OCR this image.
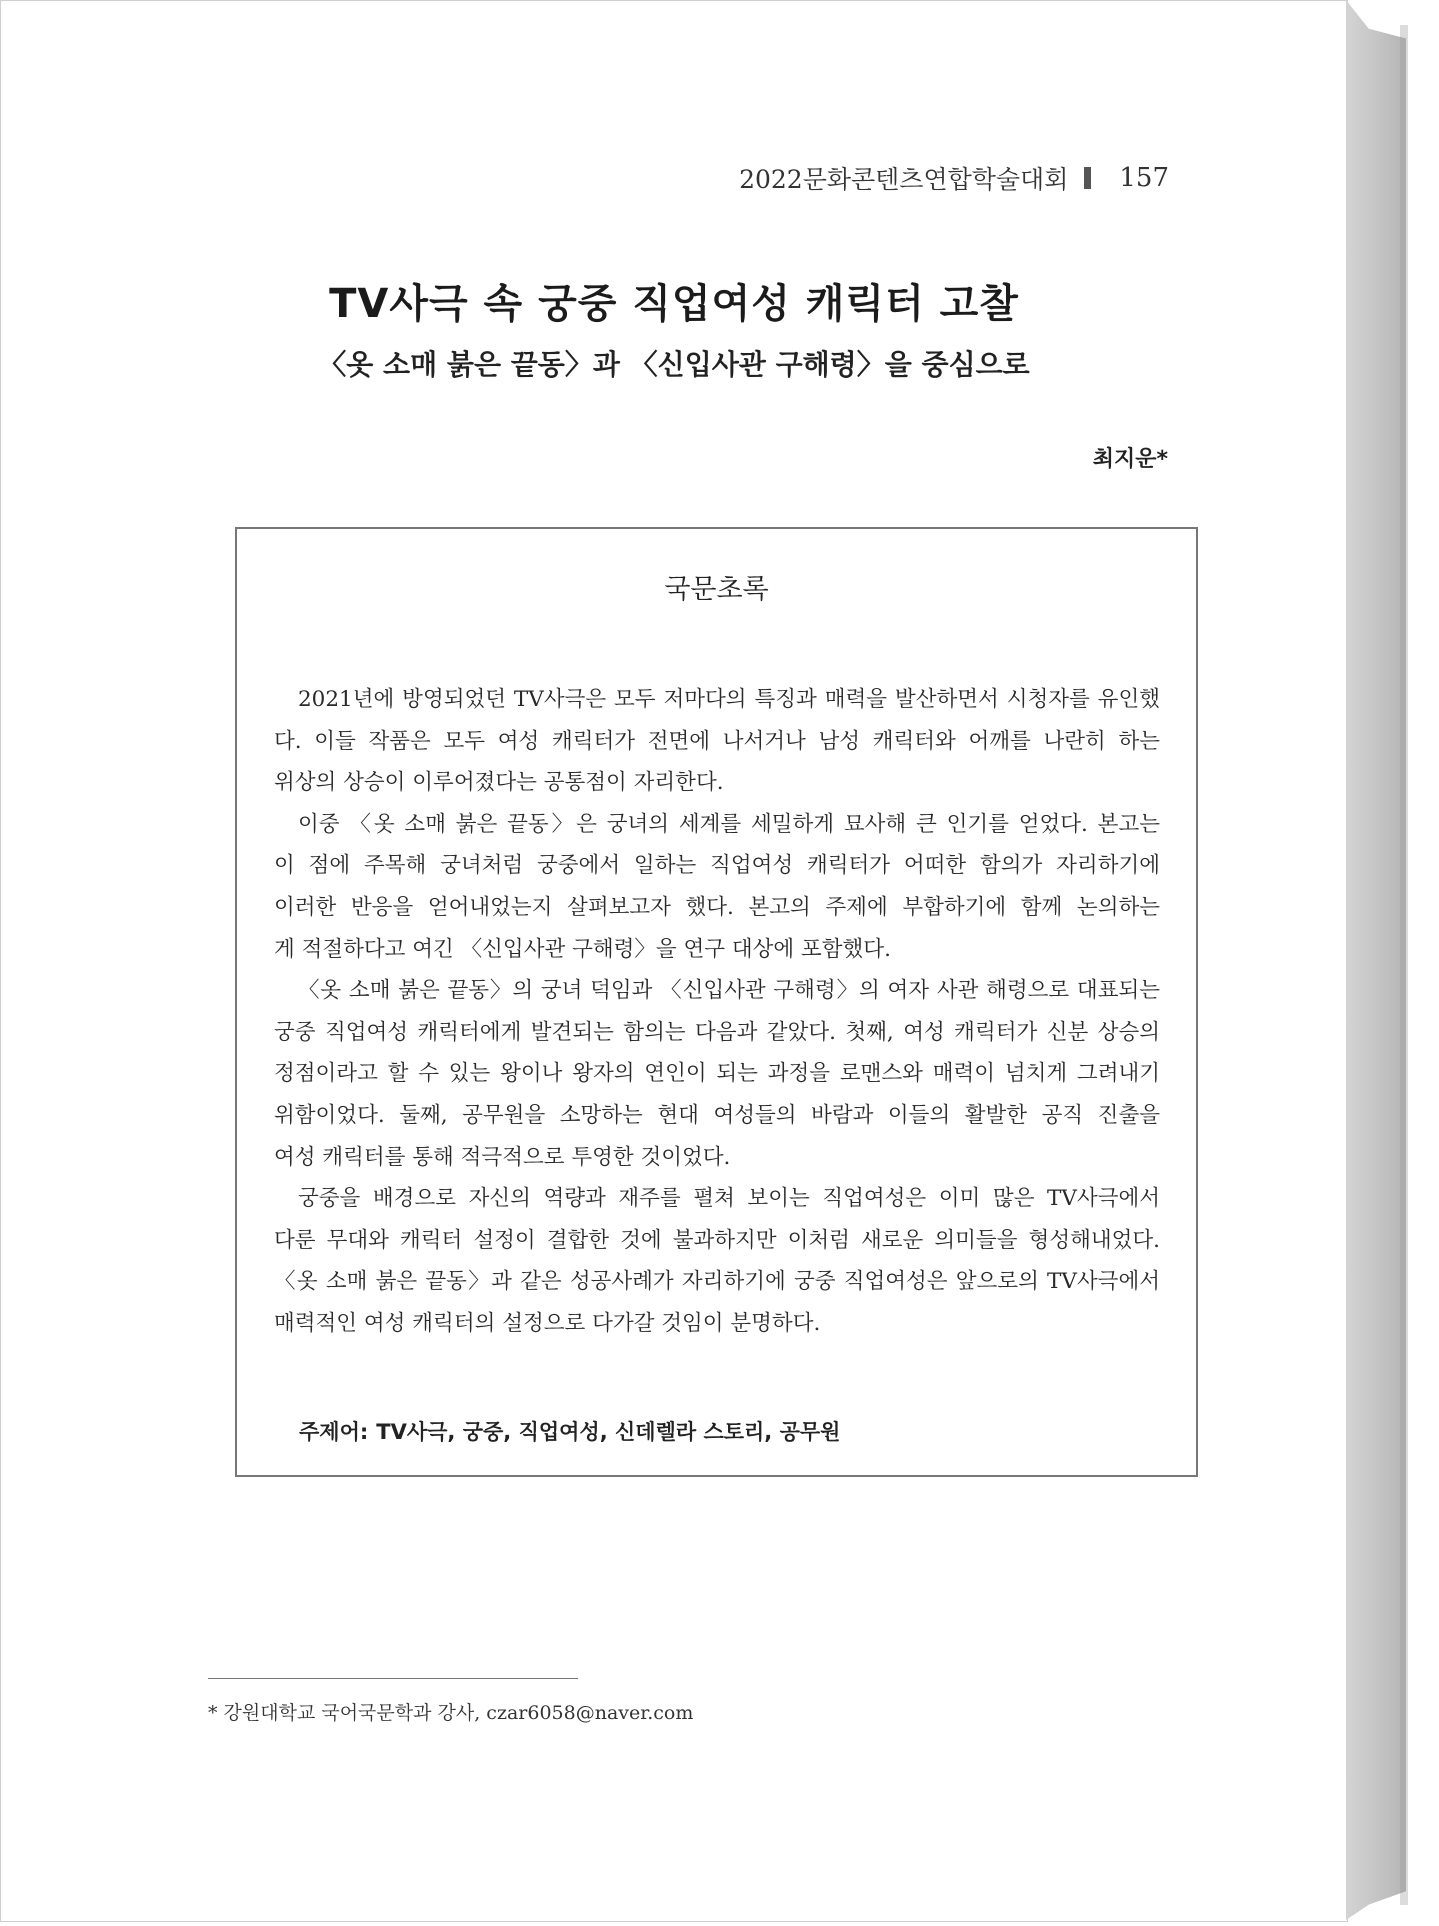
2022문화콘텐츠연합학술대회 157
TV사극 속 궁중 직업여성 캐릭터 고찰
〈옷 소매 붉은 끝동〉과 〈신입사관 구해령〉을 중심으로
최지운*
국문초록
2021년에 방영되었던 TV사극은 모두 저마다의 특징과 매력을 발산하면서 시청자를 유인했
다. 이들 작품은 모두 여성 캐릭터가 전면에 나서거나 남성 캐릭터와 어깨를 나란히 하는
위상의 상승이 이루어졌다는 공통점이 자리한다.
이중 〈옷 소매 붉은 끝동〉은 궁녀의 세계를 세밀하게 묘사해 큰 인기를 얻었다. 본고는
이 점에 주목해 궁녀처럼 궁중에서 일하는 직업여성 캐릭터가 어떠한 함의가 자리하기에
이러한 반응을 얻어내었는지 살펴보고자 했다. 본고의 주제에 부합하기에 함께 논의하는
게 적절하다고 여긴 〈신입사관 구해령〉을 연구 대상에 포함했다.
〈옷 소매 붉은 끝동〉의 궁녀 덕임과 〈신입사관 구해령〉의 여자 사관 해령으로 대표되는
궁중 직업여성 캐릭터에게 발견되는 함의는 다음과 같았다. 첫째, 여성 캐릭터가 신분 상승의
정점이라고 할 수 있는 왕이나 왕자의 연인이 되는 과정을 로맨스와 매력이 넘치게 그려내기
위함이었다. 둘째, 공무원을 소망하는 현대 여성들의 바람과 이들의 활발한 공직 진출을
여성 캐릭터를 통해 적극적으로 투영한 것이었다.
궁중을 배경으로 자신의 역량과 재주를 펼쳐 보이는 직업여성은 이미 많은 TV사극에서
다룬 무대와 캐릭터 설정이 결합한 것에 불과하지만 이처럼 새로운 의미들을 형성해내었다.
〈옷 소매 붉은 끝동〉과 같은 성공사례가 자리하기에 궁중 직업여성은 앞으로의 TV사극에서
매력적인 여성 캐릭터의 설정으로 다가갈 것임이 분명하다.
주제어: TV사극, 궁중, 직업여성, 신데렐라 스토리, 공무원
* 강원대학교 국어국문학과 강사, czar6058@naver.com
